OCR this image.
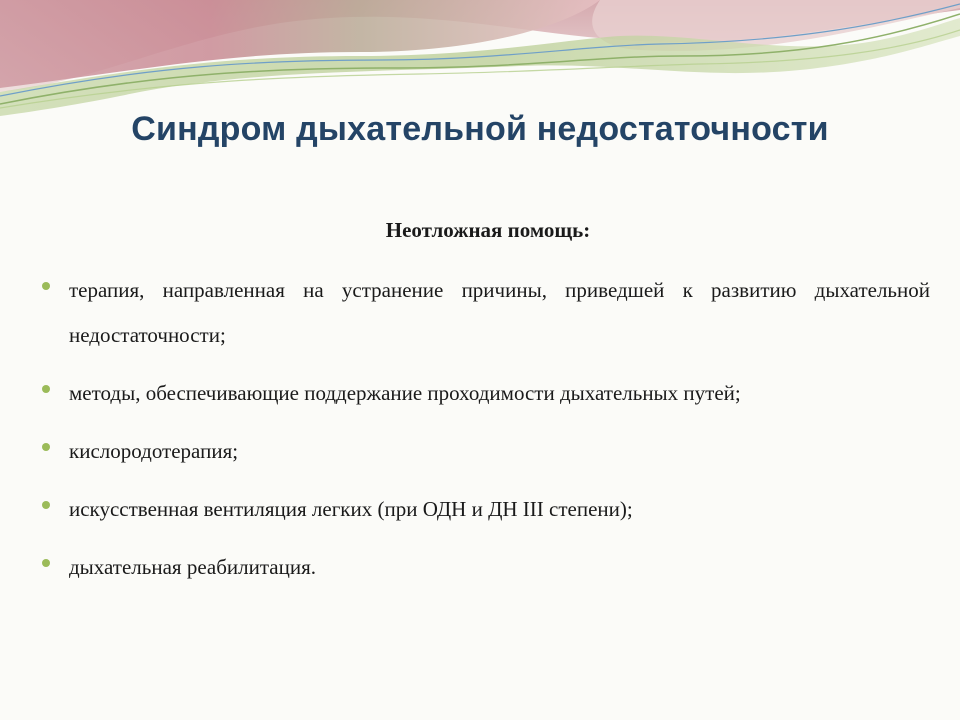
Синдром дыхательной недостаточности

Неотложная помощь:

терапия, направленная на устранение причины, приведшей к развитию дыхательной недостаточности;
методы, обеспечивающие поддержание проходимости дыхательных путей;
кислородотерапия;
искусственная вентиляция легких (при ОДН и ДН III степени);
дыхательная реабилитация.
